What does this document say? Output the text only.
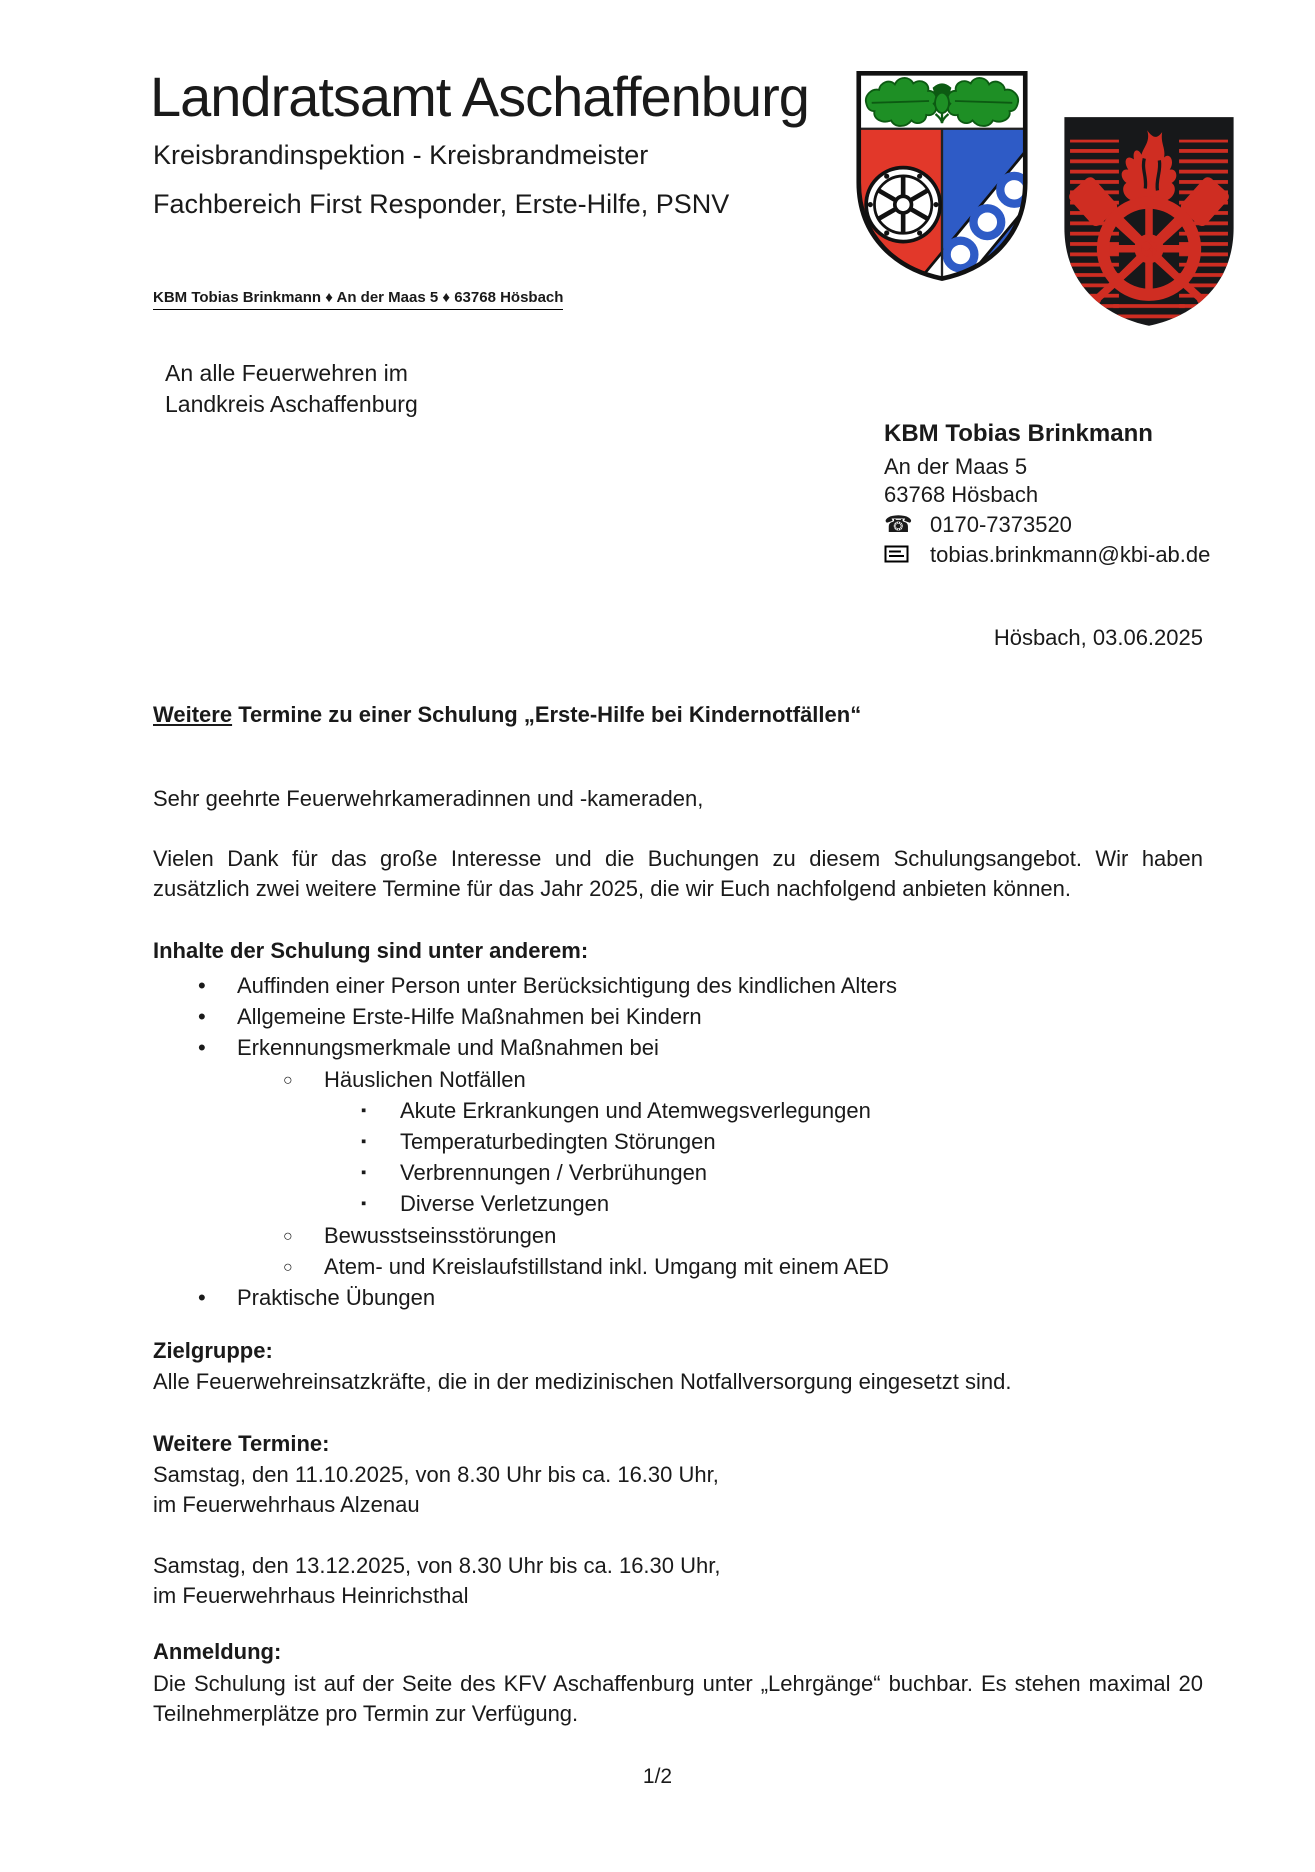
Landratsamt Aschaffenburg
Kreisbrandinspektion - Kreisbrandmeister
Fachbereich First Responder, Erste-Hilfe, PSNV
KBM Tobias Brinkmann ♦ An der Maas 5 ♦ 63768 Hösbach
An alle Feuerwehren im
Landkreis Aschaffenburg
KBM Tobias Brinkmann
An der Maas 5
63768 Hösbach
☎ 0170-7373520
tobias.brinkmann@kbi-ab.de
Hösbach, 03.06.2025
Weitere Termine zu einer Schulung „Erste-Hilfe bei Kindernotfällen“
Sehr geehrte Feuerwehrkameradinnen und -kameraden,
Vielen Dank für das große Interesse und die Buchungen zu diesem Schulungsangebot. Wir haben zusätzlich zwei weitere Termine für das Jahr 2025, die wir Euch nachfolgend anbieten können.
Inhalte der Schulung sind unter anderem:
• Auffinden einer Person unter Berücksichtigung des kindlichen Alters
• Allgemeine Erste-Hilfe Maßnahmen bei Kindern
• Erkennungsmerkmale und Maßnahmen bei
○ Häuslichen Notfällen
▪ Akute Erkrankungen und Atemwegsverlegungen
▪ Temperaturbedingten Störungen
▪ Verbrennungen / Verbrühungen
▪ Diverse Verletzungen
○ Bewusstseinsstörungen
○ Atem- und Kreislaufstillstand inkl. Umgang mit einem AED
• Praktische Übungen
Zielgruppe:
Alle Feuerwehreinsatzkräfte, die in der medizinischen Notfallversorgung eingesetzt sind.
Weitere Termine:
Samstag, den 11.10.2025, von 8.30 Uhr bis ca. 16.30 Uhr,
im Feuerwehrhaus Alzenau
Samstag, den 13.12.2025, von 8.30 Uhr bis ca. 16.30 Uhr,
im Feuerwehrhaus Heinrichsthal
Anmeldung:
Die Schulung ist auf der Seite des KFV Aschaffenburg unter „Lehrgänge“ buchbar. Es stehen maximal 20 Teilnehmerplätze pro Termin zur Verfügung.
1/2
